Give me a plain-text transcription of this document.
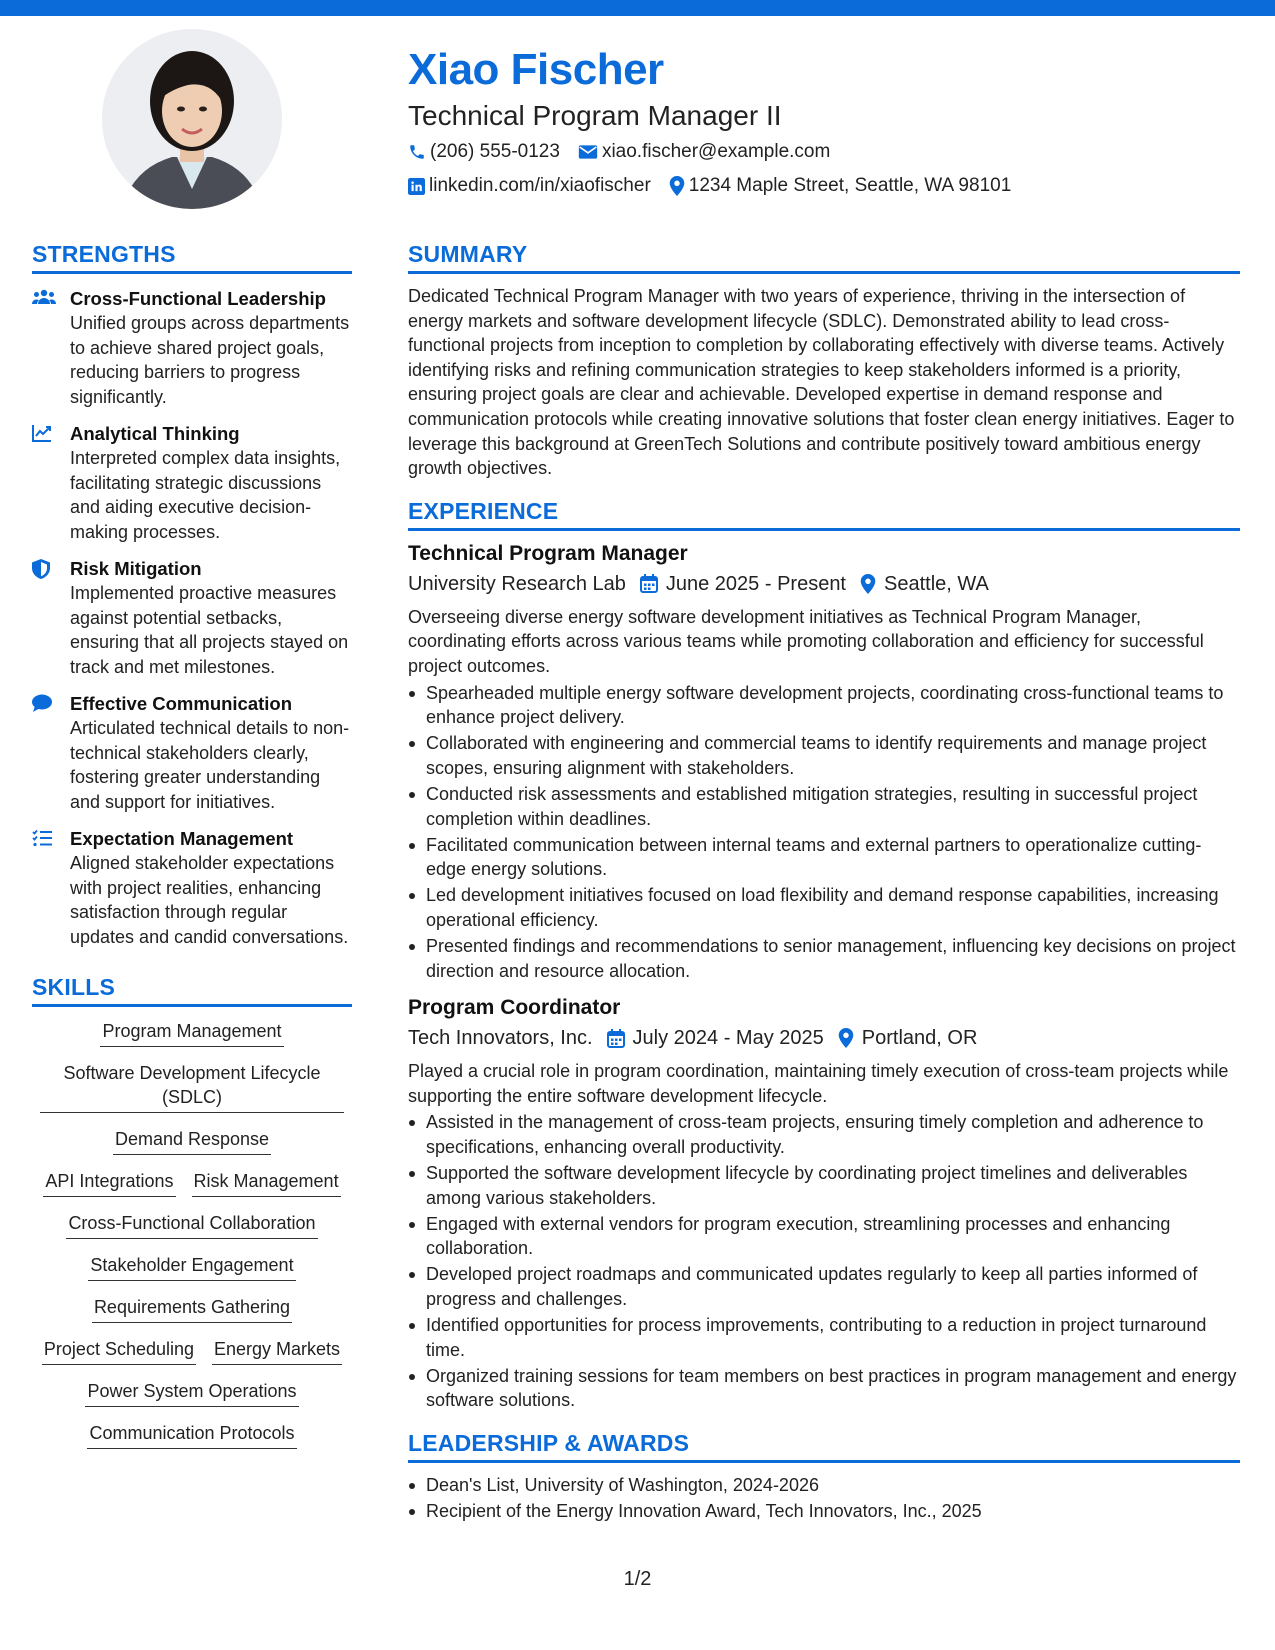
Xiao Fischer
Technical Program Manager II
(206) 555-0123 xiao.fischer@example.com
linkedin.com/in/xiaofischer 1234 Maple Street, Seattle, WA 98101
STRENGTHS
Cross-Functional Leadership
Unified groups across departments to achieve shared project goals, reducing barriers to progress significantly.
Analytical Thinking
Interpreted complex data insights, facilitating strategic discussions and aiding executive decision-making processes.
Risk Mitigation
Implemented proactive measures against potential setbacks, ensuring that all projects stayed on track and met milestones.
Effective Communication
Articulated technical details to non-technical stakeholders clearly, fostering greater understanding and support for initiatives.
Expectation Management
Aligned stakeholder expectations with project realities, enhancing satisfaction through regular updates and candid conversations.
SKILLS
Program Management
Software Development Lifecycle (SDLC)
Demand Response
API Integrations Risk Management
Cross-Functional Collaboration
Stakeholder Engagement
Requirements Gathering
Project Scheduling Energy Markets
Power System Operations
Communication Protocols
SUMMARY
Dedicated Technical Program Manager with two years of experience, thriving in the intersection of energy markets and software development lifecycle (SDLC). Demonstrated ability to lead cross-functional projects from inception to completion by collaborating effectively with diverse teams. Actively identifying risks and refining communication strategies to keep stakeholders informed is a priority, ensuring project goals are clear and achievable. Developed expertise in demand response and communication protocols while creating innovative solutions that foster clean energy initiatives. Eager to leverage this background at GreenTech Solutions and contribute positively toward ambitious energy growth objectives.
EXPERIENCE
Technical Program Manager
University Research Lab June 2025 - Present Seattle, WA
Overseeing diverse energy software development initiatives as Technical Program Manager, coordinating efforts across various teams while promoting collaboration and efficiency for successful project outcomes.
Spearheaded multiple energy software development projects, coordinating cross-functional teams to enhance project delivery.
Collaborated with engineering and commercial teams to identify requirements and manage project scopes, ensuring alignment with stakeholders.
Conducted risk assessments and established mitigation strategies, resulting in successful project completion within deadlines.
Facilitated communication between internal teams and external partners to operationalize cutting-edge energy solutions.
Led development initiatives focused on load flexibility and demand response capabilities, increasing operational efficiency.
Presented findings and recommendations to senior management, influencing key decisions on project direction and resource allocation.
Program Coordinator
Tech Innovators, Inc. July 2024 - May 2025 Portland, OR
Played a crucial role in program coordination, maintaining timely execution of cross-team projects while supporting the entire software development lifecycle.
Assisted in the management of cross-team projects, ensuring timely completion and adherence to specifications, enhancing overall productivity.
Supported the software development lifecycle by coordinating project timelines and deliverables among various stakeholders.
Engaged with external vendors for program execution, streamlining processes and enhancing collaboration.
Developed project roadmaps and communicated updates regularly to keep all parties informed of progress and challenges.
Identified opportunities for process improvements, contributing to a reduction in project turnaround time.
Organized training sessions for team members on best practices in program management and energy software solutions.
LEADERSHIP & AWARDS
Dean's List, University of Washington, 2024-2026
Recipient of the Energy Innovation Award, Tech Innovators, Inc., 2025
1/2
